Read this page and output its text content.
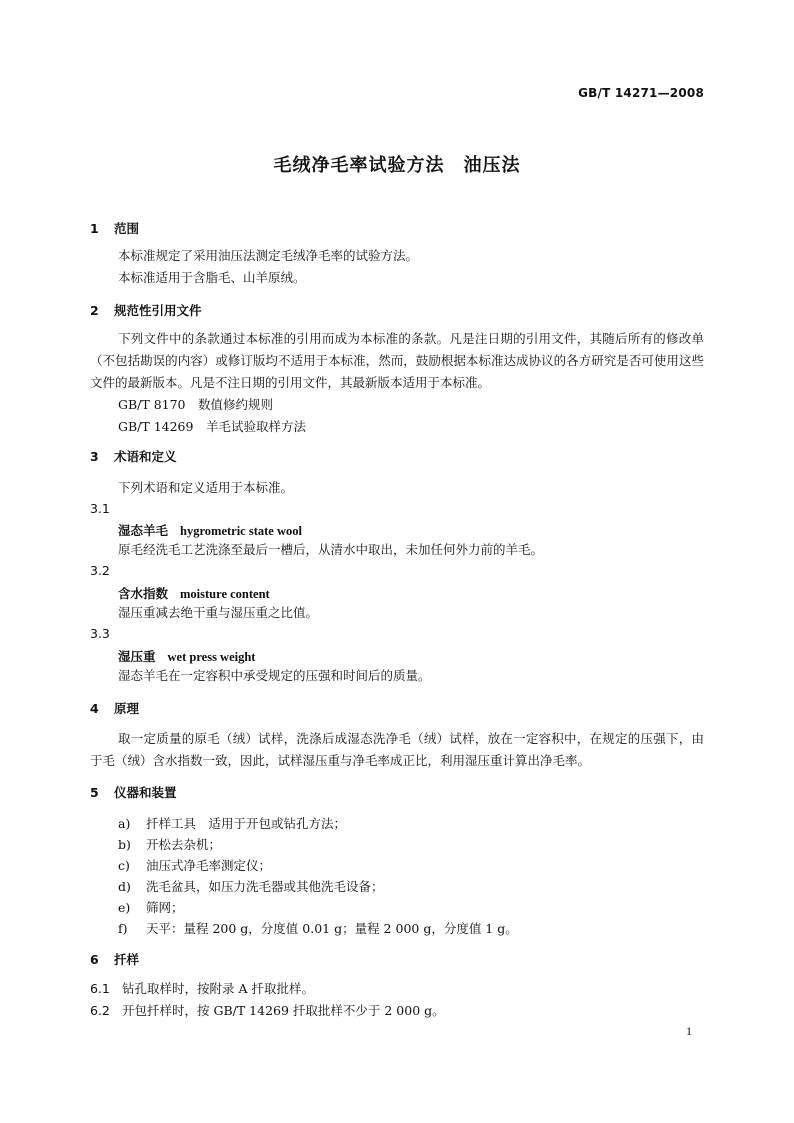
GB/T 14271—2008
毛绒净毛率试验方法　油压法
1 范围
本标准规定了采用油压法测定毛绒净毛率的试验方法。
本标准适用于含脂毛、山羊原绒。
2 规范性引用文件
下列文件中的条款通过本标准的引用而成为本标准的条款。凡是注日期的引用文件，其随后所有的修改单（不包括勘误的内容）或修订版均不适用于本标准，然而，鼓励根据本标准达成协议的各方研究是否可使用这些文件的最新版本。凡是不注日期的引用文件，其最新版本适用于本标准。
GB/T 8170　数值修约规则
GB/T 14269　羊毛试验取样方法
3 术语和定义
下列术语和定义适用于本标准。
3.1
湿态羊毛 hygrometric state wool
原毛经洗毛工艺洗涤至最后一槽后，从清水中取出，未加任何外力前的羊毛。
3.2
含水指数 moisture content
湿压重减去绝干重与湿压重之比值。
3.3
湿压重 wet press weight
湿态羊毛在一定容积中承受规定的压强和时间后的质量。
4 原理
取一定质量的原毛（绒）试样，洗涤后成湿态洗净毛（绒）试样，放在一定容积中，在规定的压强下，由于毛（绒）含水指数一致，因此，试样湿压重与净毛率成正比，利用湿压重计算出净毛率。
5 仪器和装置
a) 扦样工具　适用于开包或钻孔方法；
b) 开松去杂机；
c) 油压式净毛率测定仪；
d) 洗毛盆具，如压力洗毛器或其他洗毛设备；
e) 筛网；
f) 天平：量程 200 g，分度值 0.01 g；量程 2 000 g，分度值 1 g。
6 扦样
6.1 钻孔取样时，按附录 A 扦取批样。
6.2 开包扦样时，按 GB/T 14269 扦取批样不少于 2 000 g。
1
